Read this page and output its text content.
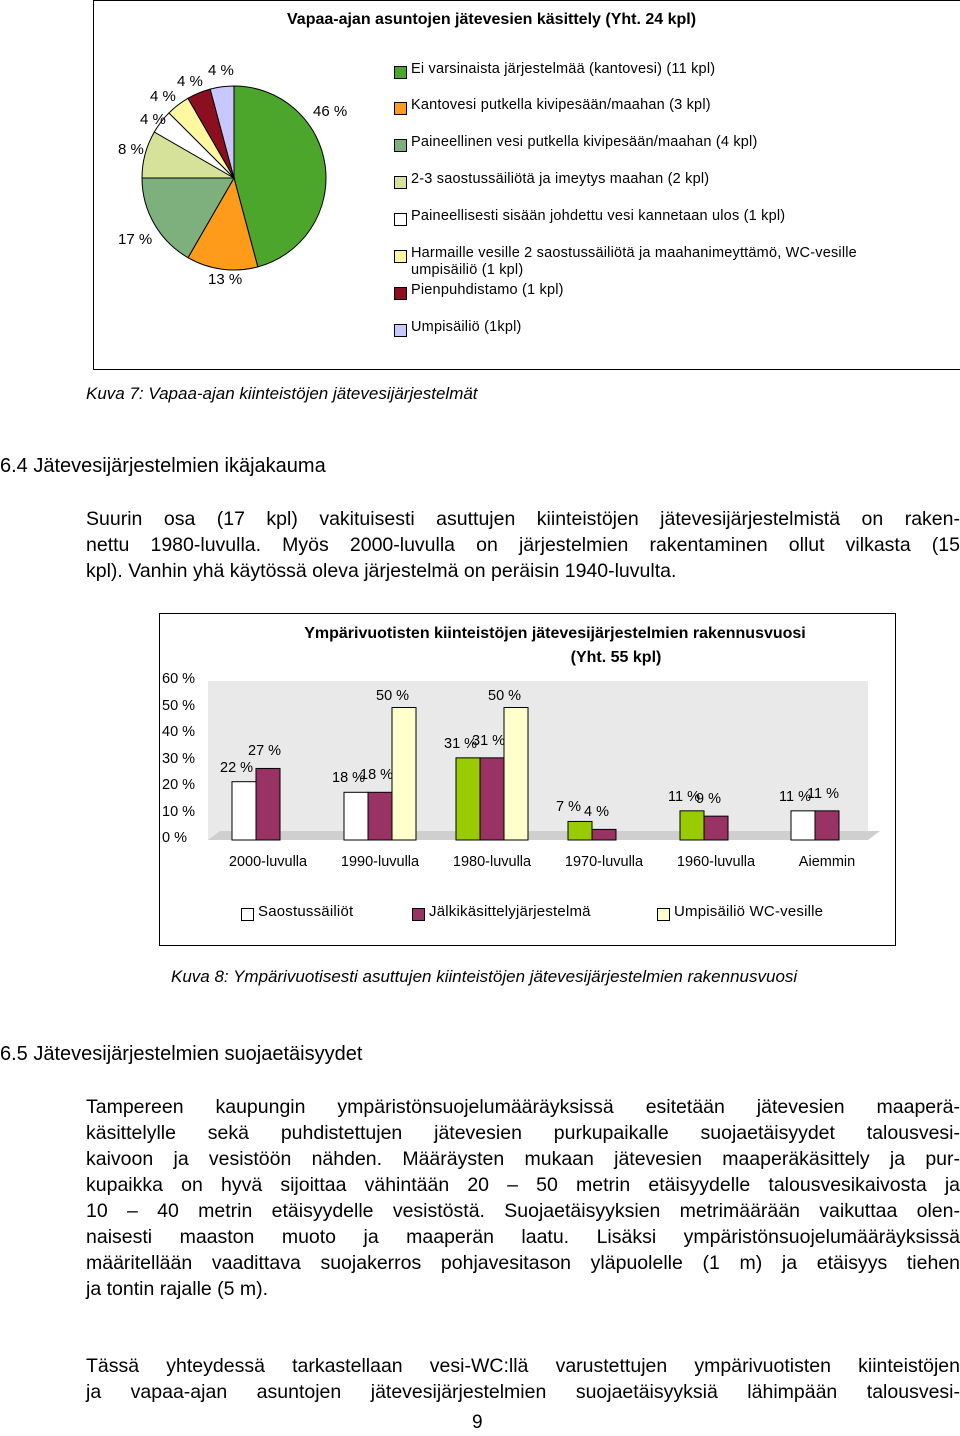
Vapaa-ajan asuntojen jätevesien käsittely (Yht. 24 kpl)
46 %
13 %
17 %
8 %
4 %
4 %
4 %
4 %	Ei varsinaista järjestelmää (kantovesi) (11 kpl)
Kantovesi putkella kivipesään/maahan (3 kpl)
Paineellinen vesi putkella kivipesään/maahan (4 kpl)
2-3 saostussäiliötä ja imeytys maahan (2 kpl)
Paineellisesti sisään johdettu vesi kannetaan ulos (1 kpl)
Harmaille vesille 2 saostussäiliötä ja maahanimeyttämö, WC-vesille
umpisäiliö (1 kpl)
Pienpuhdistamo (1 kpl)
Umpisäiliö (1kpl)
Kuva 7: Vapaa-ajan kiinteistöjen jätevesijärjestelmät
6.4 Jätevesijärjestelmien ikäjakauma
Suurin osa (17 kpl) vakituisesti asuttujen kiinteistöjen jätevesijärjestelmistä on raken-
nettu 1980-luvulla. Myös 2000-luvulla on järjestelmien rakentaminen ollut vilkasta (15
kpl). Vanhin yhä käytössä oleva järjestelmä on peräisin 1940-luvulta.
Ympärivuotisten kiinteistöjen jätevesijärjestelmien rakennusvuosi
(Yht. 55 kpl)
60 %
50 %
40 %
30 %
20 %
10 %
0 %
22 %
27 %
2000-luvulla
18 %
18 %
50 %
1990-luvulla
31 %
31 %
50 %
1980-luvulla
7 % 4 %
1970-luvulla
11 %
9 %
1960-luvulla
11 %
11 %
Aiemmin
Saostussäiliöt	Jälkikäsittelyjärjestelmä	Umpisäiliö WC-vesille
Kuva 8: Ympärivuotisesti asuttujen kiinteistöjen jätevesijärjestelmien rakennusvuosi
6.5 Jätevesijärjestelmien suojaetäisyydet
Tampereen kaupungin ympäristönsuojelumääräyksissä esitetään jätevesien maaperä-
käsittelylle sekä puhdistettujen jätevesien purkupaikalle suojaetäisyydet talousvesi-
kaivoon ja vesistöön nähden. Määräysten mukaan jätevesien maaperäkäsittely ja pur-
kupaikka on hyvä sijoittaa vähintään 20 – 50 metrin etäisyydelle talousvesikaivosta ja
10 – 40 metrin etäisyydelle vesistöstä. Suojaetäisyyksien metrimäärään vaikuttaa olen-
naisesti maaston muoto ja maaperän laatu. Lisäksi ympäristönsuojelumääräyksissä
määritellään vaadittava suojakerros pohjavesitason yläpuolelle (1 m) ja etäisyys tiehen
ja tontin rajalle (5 m).
Tässä yhteydessä tarkastellaan vesi-WC:llä varustettujen ympärivuotisten kiinteistöjen
ja vapaa-ajan asuntojen jätevesijärjestelmien suojaetäisyyksiä lähimpään talousvesi-
9
